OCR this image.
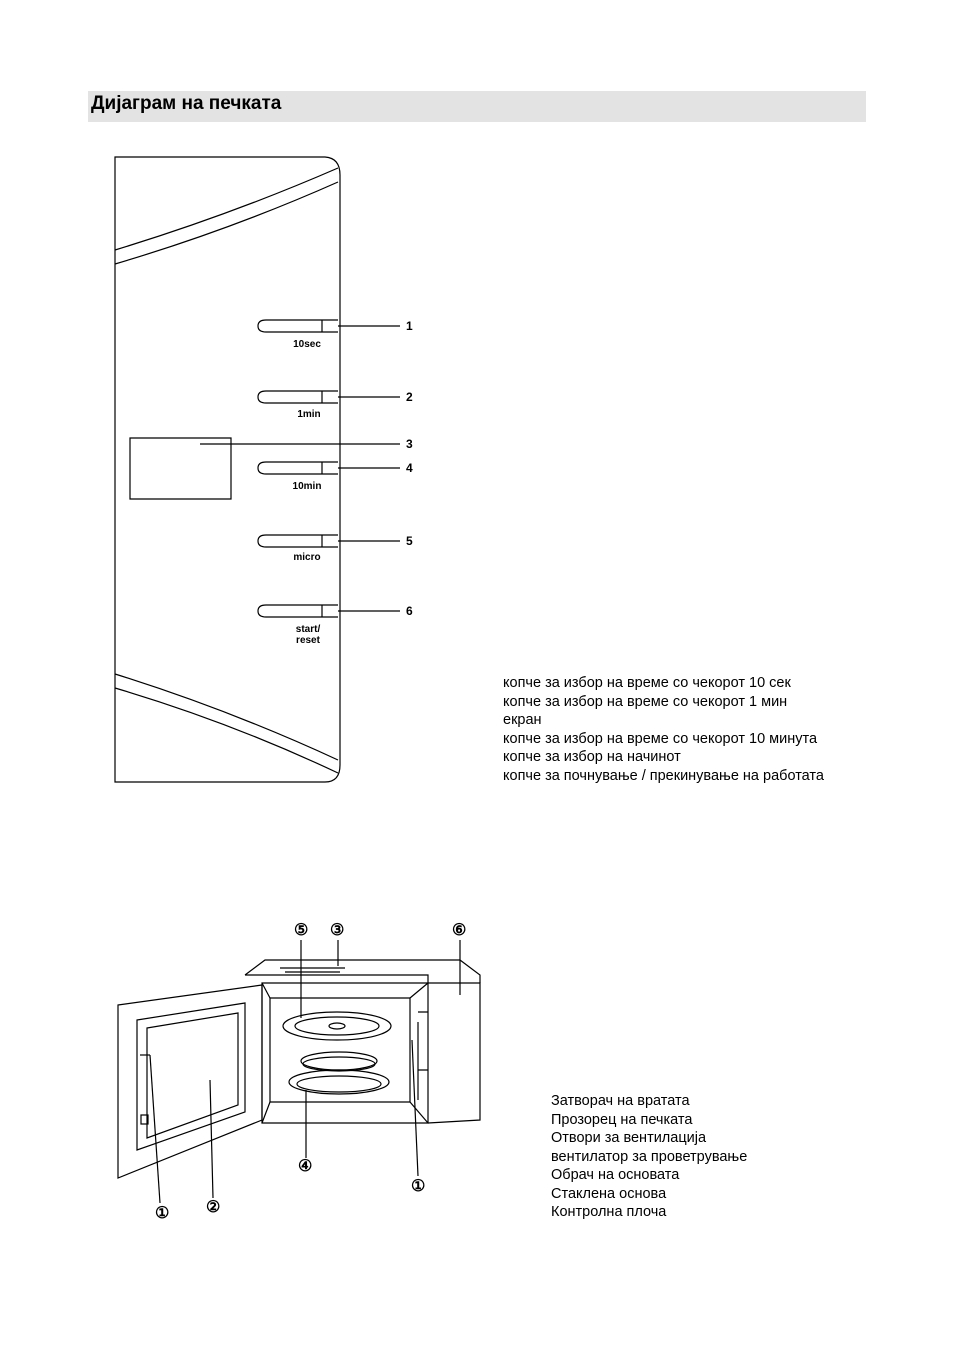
Дијаграм на печката
1
2
3
4
5
6
10sec
1min
10min
micro
start/
reset
копче за избор на време со чекорот 10 сек
копче за избор на време со чекорот 1 мин
екран
копче за избор на време со чекорот 10 минута
копче за избор на начинот
копче за почнување / прекинување на работата
⑤ ③	⑥
④
①
① ②
Затворач на вратата
Прозорец на печката
Отвори за вентилација
вентилатор за проветрување
Обрач на основата
Стаклена основа
Контролна плоча
